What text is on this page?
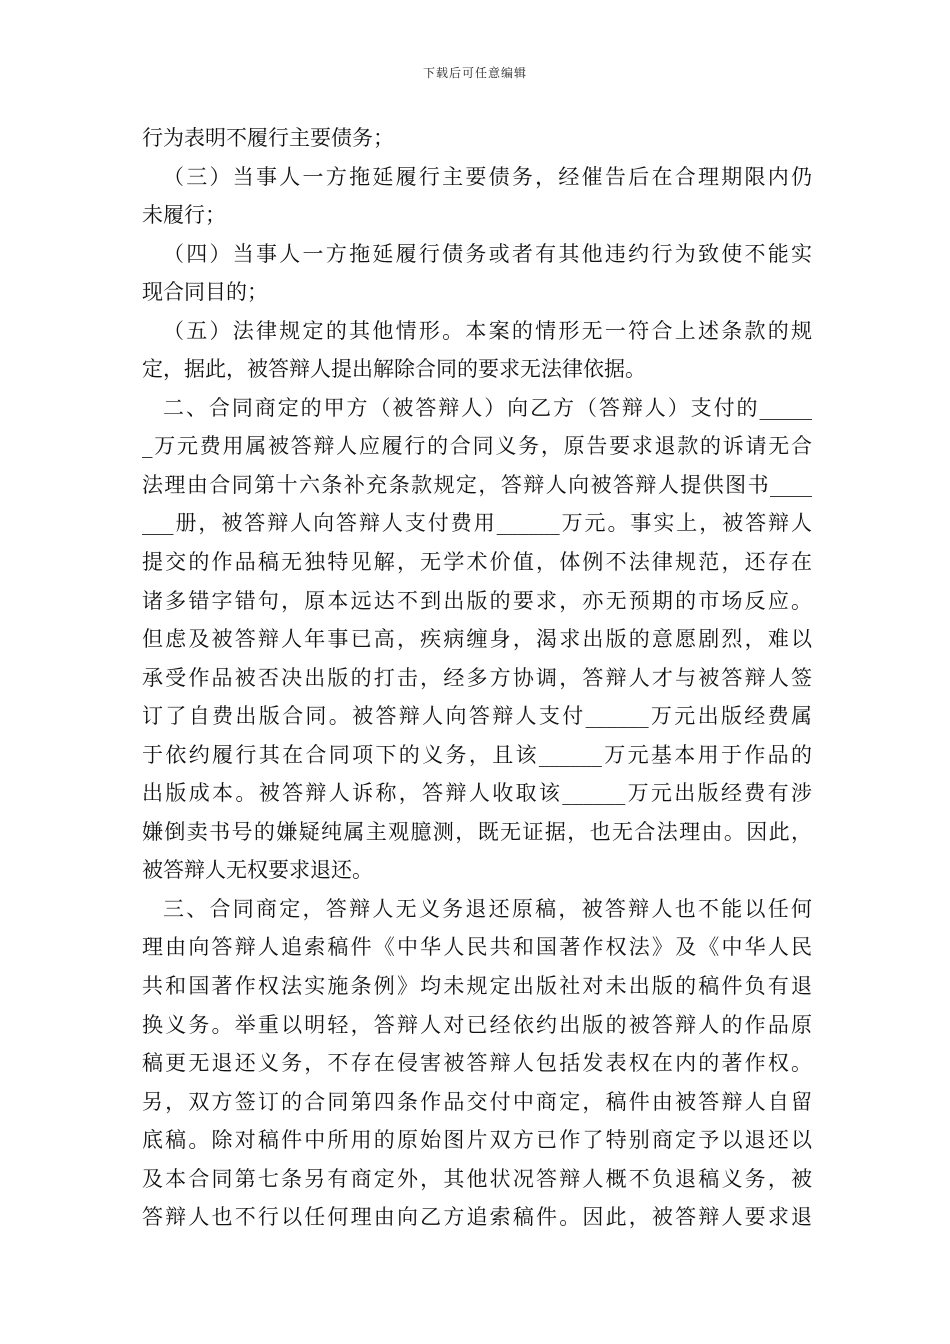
下载后可任意编辑
行为表明不履行主要债务；
（三）当事人一方拖延履行主要债务，经催告后在合理期限内仍
未履行；
（四）当事人一方拖延履行债务或者有其他违约行为致使不能实
现合同目的；
（五）法律规定的其他情形。本案的情形无一符合上述条款的规
定，据此，被答辩人提出解除合同的要求无法律依据。
二、合同商定的甲方（被答辩人）向乙方（答辩人）支付的_____
_万元费用属被答辩人应履行的合同义务，原告要求退款的诉请无合
法理由合同第十六条补充条款规定，答辩人向被答辩人提供图书____
___册，被答辩人向答辩人支付费用______万元。事实上，被答辩人
提交的作品稿无独特见解，无学术价值，体例不法律规范，还存在
诸多错字错句，原本远达不到出版的要求，亦无预期的市场反应。
但虑及被答辩人年事已高，疾病缠身，渴求出版的意愿剧烈，难以
承受作品被否决出版的打击，经多方协调，答辩人才与被答辩人签
订了自费出版合同。被答辩人向答辩人支付______万元出版经费属
于依约履行其在合同项下的义务，且该______万元基本用于作品的
出版成本。被答辩人诉称，答辩人收取该______万元出版经费有涉
嫌倒卖书号的嫌疑纯属主观臆测，既无证据，也无合法理由。因此，
被答辩人无权要求退还。
三、合同商定，答辩人无义务退还原稿，被答辩人也不能以任何
理由向答辩人追索稿件《中华人民共和国著作权法》及《中华人民
共和国著作权法实施条例》均未规定出版社对未出版的稿件负有退
换义务。举重以明轻，答辩人对已经依约出版的被答辩人的作品原
稿更无退还义务，不存在侵害被答辩人包括发表权在内的著作权。
另，双方签订的合同第四条作品交付中商定，稿件由被答辩人自留
底稿。除对稿件中所用的原始图片双方已作了特别商定予以退还以
及本合同第七条另有商定外，其他状况答辩人概不负退稿义务，被
答辩人也不行以任何理由向乙方追索稿件。因此，被答辩人要求退
